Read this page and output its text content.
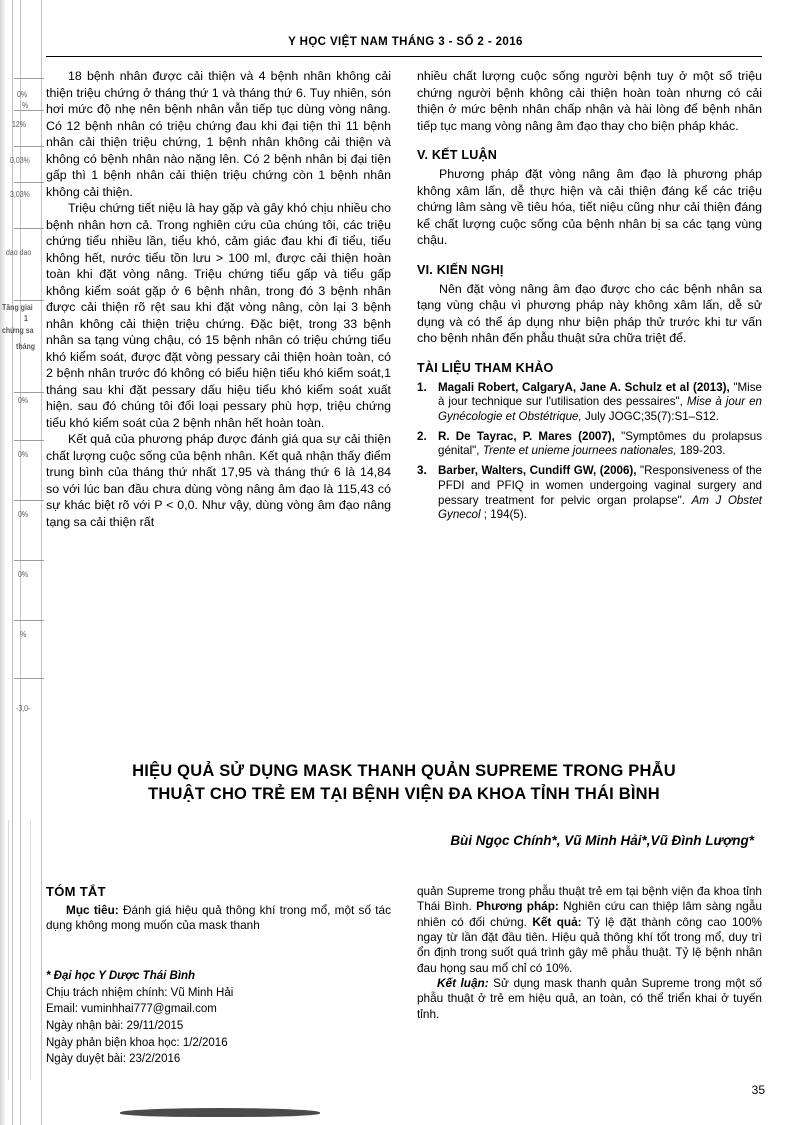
0%
%
12%
0,03%
3,03%
dao dao
Tăng giai
chứng sa
1
tháng
0%
0%
0%
0%
%
-3,0-
Y HỌC VIỆT NAM THÁNG 3 - SỐ 2 - 2016

18 bệnh nhân được cải thiện và 4 bệnh nhân không cải thiện triệu chứng ở tháng thứ 1 và tháng thứ 6. Tuy nhiên, són hơi mức độ nhẹ nên bệnh nhân vẫn tiếp tục dùng vòng nâng. Có 12 bệnh nhân có triệu chứng đau khi đại tiện thì 11 bệnh nhân cải thiện triệu chứng, 1 bệnh nhân không cải thiện và không có bệnh nhân nào nặng lên. Có 2 bệnh nhân bị đại tiện gấp thì 1 bệnh nhân cải thiện triệu chứng còn 1 bệnh nhân không cải thiện.

Triệu chứng tiết niệu là hay gặp và gây khó chịu nhiều cho bệnh nhân hơn cả. Trong nghiên cứu của chúng tôi, các triệu chứng tiểu nhiều lần, tiểu khó, cảm giác đau khi đi tiểu, tiểu không hết, nước tiểu tồn lưu > 100 ml, được cải thiện hoàn toàn khi đặt vòng nâng. Triệu chứng tiểu gấp và tiểu gấp không kiểm soát gặp ở 6 bệnh nhân, trong đó 3 bệnh nhân được cải thiện rõ rệt sau khi đặt vòng nâng, còn lại 3 bệnh nhân không cải thiện triệu chứng. Đặc biệt, trong 33 bệnh nhân sa tạng vùng chậu, có 15 bệnh nhân có triệu chứng tiểu khó kiểm soát, được đặt vòng pessary cải thiện hoàn toàn, có 2 bệnh nhân trước đó không có biểu hiện tiểu khó kiểm soát,1 tháng sau khi đặt pessary dấu hiệu tiểu khó kiểm soát xuất hiện. sau đó chúng tôi đổi loại pessary phù hợp, triệu chứng tiểu khó kiểm soát của 2 bệnh nhân hết hoàn toàn.

Kết quả của phương pháp được đánh giá qua sự cải thiện chất lượng cuộc sống của bệnh nhân. Kết quả nhận thấy điểm trung bình của tháng thứ nhất 17,95 và tháng thứ 6 là 14,84 so với lúc ban đầu chưa dùng vòng nâng âm đạo là 115,43 có sự khác biệt rõ với P < 0,0. Như vậy, dùng vòng âm đạo nâng tạng sa cải thiện rất

nhiều chất lượng cuộc sống người bệnh tuy ở một số triệu chứng người bệnh không cải thiện hoàn toàn nhưng có cải thiện ở mức bệnh nhân chấp nhận và hài lòng để bệnh nhân tiếp tục mang vòng nâng âm đạo thay cho biện pháp khác.

V. KẾT LUẬN

Phương pháp đặt vòng nâng âm đạo là phương pháp không xâm lấn, dễ thực hiện và cải thiện đáng kể các triệu chứng lâm sàng về tiêu hóa, tiết niệu cũng như cải thiện đáng kể chất lượng cuộc sống của bệnh nhân bị sa các tạng vùng chậu.

VI. KIẾN NGHỊ

Nên đặt vòng nâng âm đạo được cho các bệnh nhân sa tạng vùng chậu vì phương pháp này không xâm lấn, dễ sử dụng và có thể áp dụng như biện pháp thử trước khi tư vấn cho bệnh nhân đến phẫu thuật sửa chữa triệt để.

TÀI LIỆU THAM KHẢO
1. Magali Robert, CalgaryA, Jane A. Schulz et al (2013), "Mise à jour technique sur l'utilisation des pessaires", Mise à jour en Gynécologie et Obstétrique, July JOGC;35(7):S1–S12.
2. R. De Tayrac, P. Mares (2007), "Symptômes du prolapsus génital", Trente et unieme journees nationales, 189-203.
3. Barber, Walters, Cundiff GW, (2006), "Responsiveness of the PFDI and PFIQ in women undergoing vaginal surgery and pessary treatment for pelvic organ prolapse". Am J Obstet Gynecol ; 194(5).
HIỆU QUẢ SỬ DỤNG MASK THANH QUẢN SUPREME TRONG PHẪU
THUẬT CHO TRẺ EM TẠI BỆNH VIỆN ĐA KHOA TỈNH THÁI BÌNH
Bùi Ngọc Chính*, Vũ Minh Hải*,Vũ Đình Lượng*
TÓM TẮT

Mục tiêu: Đánh giá hiệu quả thông khí trong mổ, một số tác dụng không mong muốn của mask thanh

quản Supreme trong phẫu thuật trẻ em tại bệnh viện đa khoa tỉnh Thái Bình. Phương pháp: Nghiên cứu can thiệp lâm sàng ngẫu nhiên có đối chứng. Kết quả: Tỷ lệ đặt thành công cao 100% ngay từ lần đặt đầu tiên. Hiệu quả thông khí tốt trong mổ, duy trì ổn định trong suốt quá trình gây mê phẫu thuật. Tỷ lệ bệnh nhân đau họng sau mổ chỉ có 10%.

Kết luận: Sử dụng mask thanh quản Supreme trong một số phẫu thuật ở trẻ em hiệu quả, an toàn, có thể triển khai ở tuyến tỉnh.

* Đại học Y Dược Thái Bình
Chịu trách nhiệm chính: Vũ Minh Hải
Email: vuminhhai777@gmail.com
Ngày nhận bài: 29/11/2015
Ngày phản biện khoa học: 1/2/2016
Ngày duyệt bài: 23/2/2016
35
